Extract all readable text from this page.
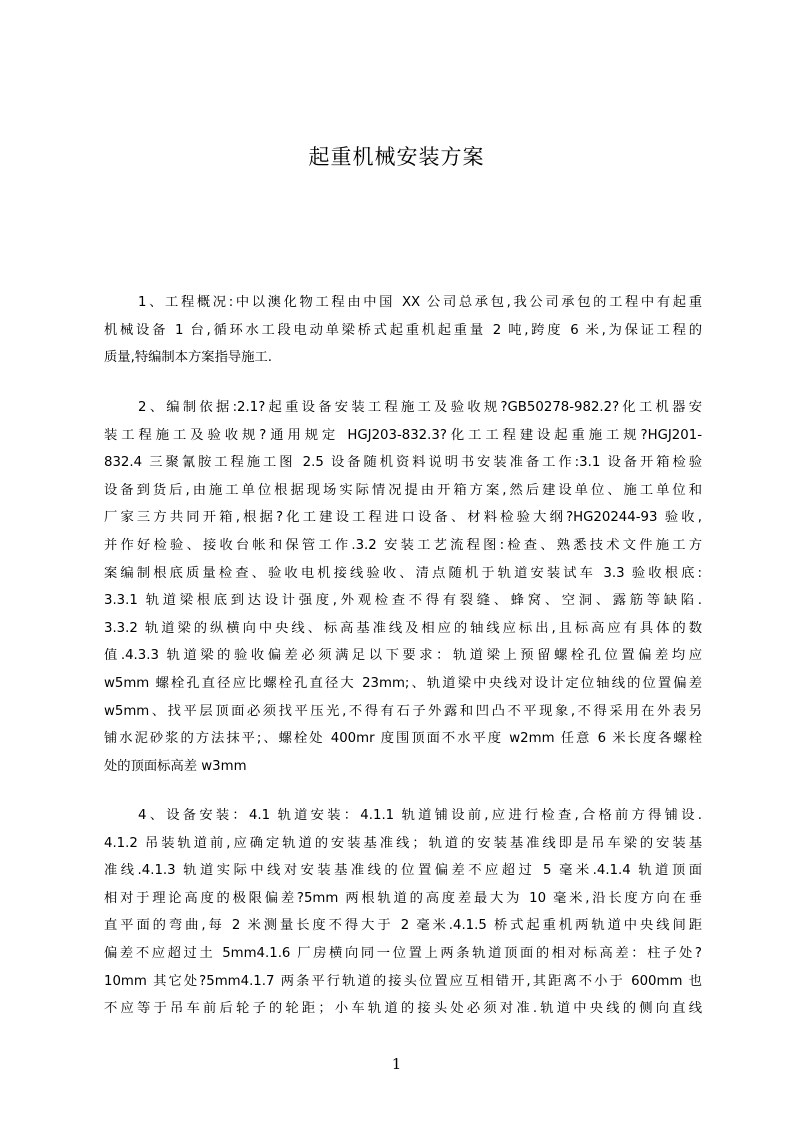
起重机械安装方案
1、工程概况:中以澳化物工程由中国 XX 公司总承包,我公司承包的工程中有起重
机械设备 1 台,循环水工段电动单梁桥式起重机起重量 2 吨,跨度 6 米,为保证工程的
质量,特编制本方案指导施工.
2、编制依据:2.1?起重设备安装工程施工及验收规?GB50278-982.2?化工机器安
装工程施工及验收规?通用规定 HGJ203-832.3?化工工程建设起重施工规?HGJ201-
832.4 三聚氰胺工程施工图 2.5 设备随机资料说明书安装准备工作:3.1 设备开箱检验
设备到货后,由施工单位根据现场实际情况提由开箱方案,然后建设单位、施工单位和
厂家三方共同开箱,根据?化工建设工程进口设备、材料检验大纲?HG20244-93 验收,
并作好检验、接收台帐和保管工作.3.2 安装工艺流程图:检查、熟悉技术文件施工方
案编制根底质量检查、验收电机接线验收、清点随机于轨道安装试车 3.3 验收根底:
3.3.1 轨道梁根底到达设计强度,外观检查不得有裂缝、蜂窝、空洞、露筋等缺陷.
3.3.2 轨道梁的纵横向中央线、标高基准线及相应的轴线应标出,且标高应有具体的数
值.4.3.3 轨道梁的验收偏差必须满足以下要求：轨道梁上预留螺栓孔位置偏差均应
w5mm 螺栓孔直径应比螺栓孔直径大 23mm;、轨道梁中央线对设计定位轴线的位置偏差
w5mm、找平层顶面必须找平压光,不得有石子外露和凹凸不平现象,不得采用在外表另
铺水泥砂浆的方法抹平;、螺栓处 400mr 度围顶面不水平度 w2mm 任意 6 米长度各螺栓
处的顶面标高差 w3mm
4、设备安装：4.1 轨道安装：4.1.1 轨道铺设前,应进行检查,合格前方得铺设.
4.1.2 吊装轨道前,应确定轨道的安装基准线；轨道的安装基准线即是吊车梁的安装基
准线.4.1.3 轨道实际中线对安装基准线的位置偏差不应超过 5 毫米.4.1.4 轨道顶面
相对于理论高度的极限偏差?5mm 两根轨道的高度差最大为 10 毫米,沿长度方向在垂
直平面的弯曲,每 2 米测量长度不得大于 2 毫米.4.1.5 桥式起重机两轨道中央线间距
偏差不应超过土 5mm4.1.6 厂房横向同一位置上两条轨道顶面的相对标高差：柱子处?
10mm 其它处?5mm4.1.7 两条平行轨道的接头位置应互相错开,其距离不小于 600mm 也
不应等于吊车前后轮子的轮距；小车轨道的接头处必须对准.轨道中央线的侧向直线
1
